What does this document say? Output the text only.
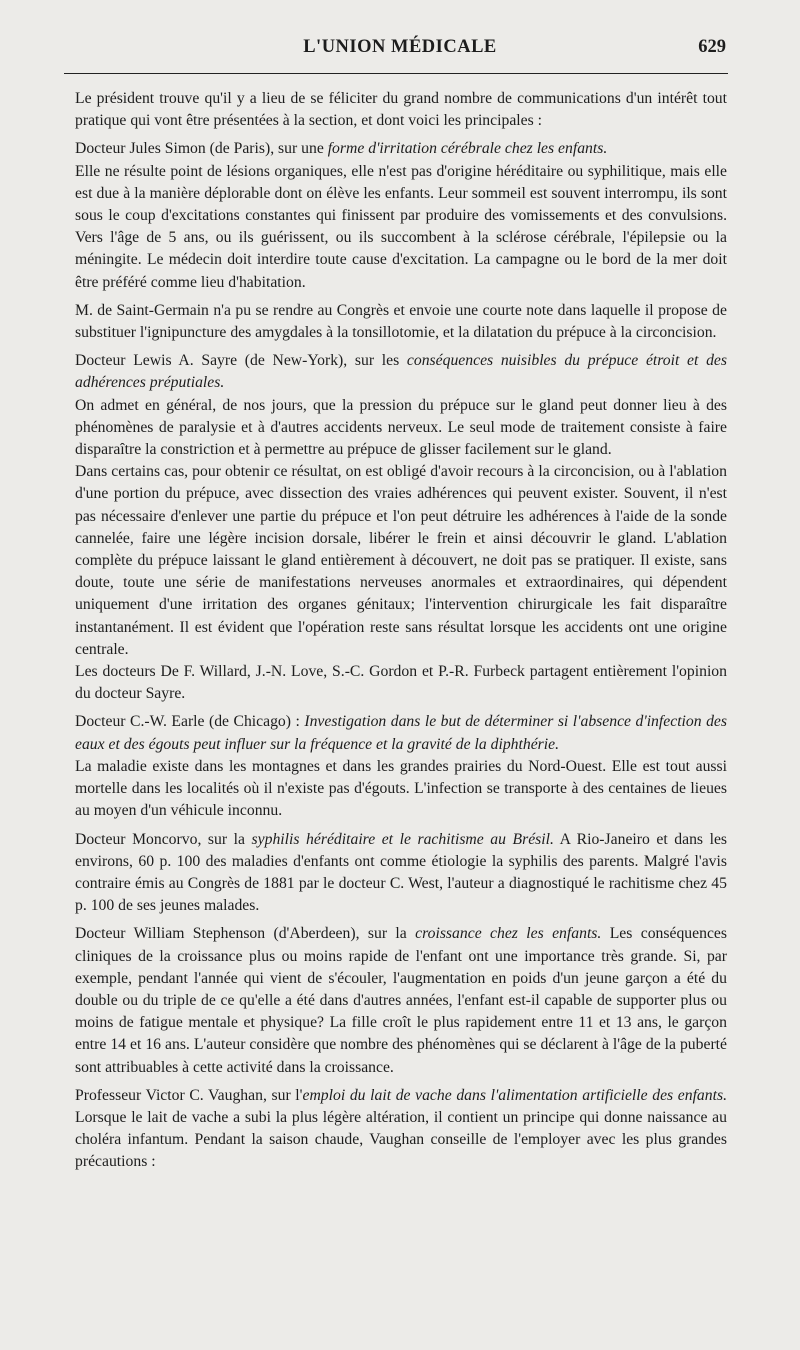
L'UNION MÉDICALE	629

Le président trouve qu'il y a lieu de se féliciter du grand nombre de communications d'un intérêt tout pratique qui vont être présentées à la section, et dont voici les principales :

Docteur Jules Simon (de Paris), sur une forme d'irritation cérébrale chez les enfants.

Elle ne résulte point de lésions organiques, elle n'est pas d'origine héréditaire ou syphilitique, mais elle est due à la manière déplorable dont on élève les enfants. Leur sommeil est souvent interrompu, ils sont sous le coup d'excitations constantes qui finissent par produire des vomissements et des convulsions. Vers l'âge de 5 ans, ou ils guérissent, ou ils succombent à la sclérose cérébrale, l'épilepsie ou la méningite. Le médecin doit interdire toute cause d'excitation. La campagne ou le bord de la mer doit être préféré comme lieu d'habitation.

M. de Saint-Germain n'a pu se rendre au Congrès et envoie une courte note dans laquelle il propose de substituer l'ignipuncture des amygdales à la tonsillotomie, et la dilatation du prépuce à la circoncision.

Docteur Lewis A. Sayre (de New-York), sur les conséquences nuisibles du prépuce étroit et des adhérences préputiales.

On admet en général, de nos jours, que la pression du prépuce sur le gland peut donner lieu à des phénomènes de paralysie et à d'autres accidents nerveux. Le seul mode de traitement consiste à faire disparaître la constriction et à permettre au prépuce de glisser facilement sur le gland.

Dans certains cas, pour obtenir ce résultat, on est obligé d'avoir recours à la circoncision, ou à l'ablation d'une portion du prépuce, avec dissection des vraies adhérences qui peuvent exister. Souvent, il n'est pas nécessaire d'enlever une partie du prépuce et l'on peut détruire les adhérences à l'aide de la sonde cannelée, faire une légère incision dorsale, libérer le frein et ainsi découvrir le gland. L'ablation complète du prépuce laissant le gland entièrement à découvert, ne doit pas se pratiquer. Il existe, sans doute, toute une série de manifestations nerveuses anormales et extraordinaires, qui dépendent uniquement d'une irritation des organes génitaux; l'intervention chirurgicale les fait disparaître instantanément. Il est évident que l'opération reste sans résultat lorsque les accidents ont une origine centrale.

Les docteurs De F. Willard, J.-N. Love, S.-C. Gordon et P.-R. Furbeck partagent entièrement l'opinion du docteur Sayre.

Docteur C.-W. Earle (de Chicago) : Investigation dans le but de déterminer si l'absence d'infection des eaux et des égouts peut influer sur la fréquence et la gravité de la diphthérie.

La maladie existe dans les montagnes et dans les grandes prairies du Nord-Ouest. Elle est tout aussi mortelle dans les localités où il n'existe pas d'égouts. L'infection se transporte à des centaines de lieues au moyen d'un véhicule inconnu.

Docteur Moncorvo, sur la syphilis héréditaire et le rachitisme au Brésil. A Rio-Janeiro et dans les environs, 60 p. 100 des maladies d'enfants ont comme étiologie la syphilis des parents. Malgré l'avis contraire émis au Congrès de 1881 par le docteur C. West, l'auteur a diagnostiqué le rachitisme chez 45 p. 100 de ses jeunes malades.

Docteur William Stephenson (d'Aberdeen), sur la croissance chez les enfants. Les conséquences cliniques de la croissance plus ou moins rapide de l'enfant ont une importance très grande. Si, par exemple, pendant l'année qui vient de s'écouler, l'augmentation en poids d'un jeune garçon a été du double ou du triple de ce qu'elle a été dans d'autres années, l'enfant est-il capable de supporter plus ou moins de fatigue mentale et physique? La fille croît le plus rapidement entre 11 et 13 ans, le garçon entre 14 et 16 ans. L'auteur considère que nombre des phénomènes qui se déclarent à l'âge de la puberté sont attribuables à cette activité dans la croissance.

Professeur Victor C. Vaughan, sur l'emploi du lait de vache dans l'alimentation artificielle des enfants. Lorsque le lait de vache a subi la plus légère altération, il contient un principe qui donne naissance au choléra infantum. Pendant la saison chaude, Vaughan conseille de l'employer avec les plus grandes précautions :
